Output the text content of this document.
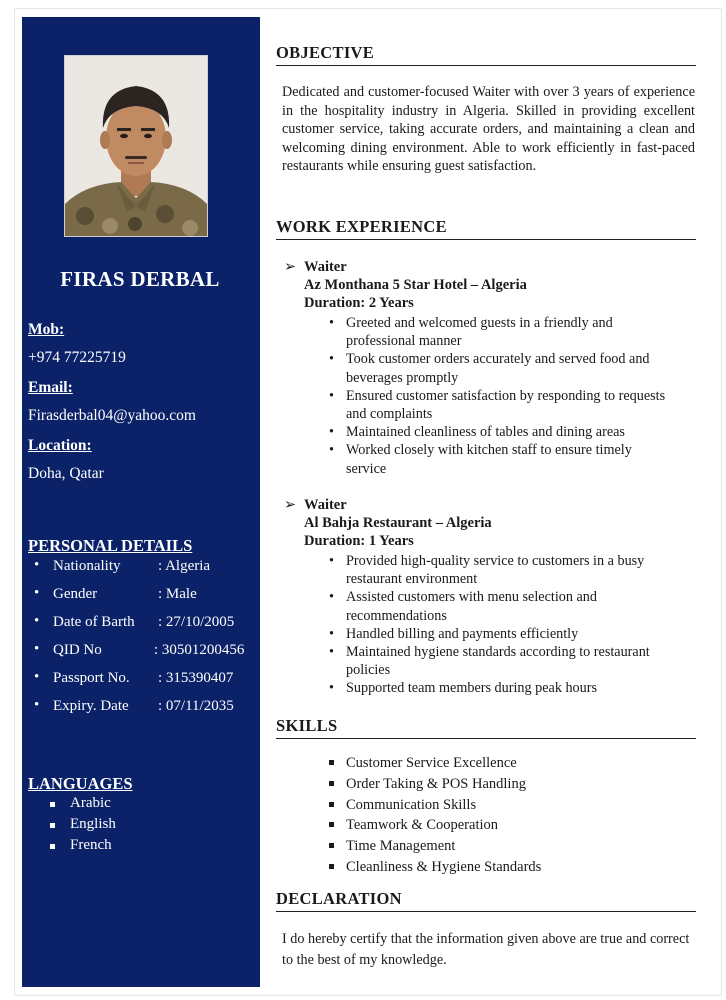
FIRAS DERBAL
Mob:
+974 77225719
Email:
Firasderbal04@yahoo.com
Location:
Doha, Qatar
PERSONAL DETAILS
• Nationality	: Algeria
• Gender	: Male
• Date of Barth : 27/10/2005
• QID No	: 30501200456
• Passport No. : 315390407
• Expiry. Date : 07/11/2035
LANGUAGES
Arabic
English
French
OBJECTIVE
Dedicated and customer-focused Waiter with over 3 years of experience in the hospitality industry in Algeria. Skilled in providing excellent customer service, taking accurate orders, and maintaining a clean and welcoming dining environment. Able to work efficiently in fast-paced restaurants while ensuring guest satisfaction.
WORK EXPERIENCE
➢ Waiter
Az Monthana 5 Star Hotel – Algeria
Duration: 2 Years
• Greeted and welcomed guests in a friendly and professional manner
• Took customer orders accurately and served food and beverages promptly
• Ensured customer satisfaction by responding to requests and complaints
• Maintained cleanliness of tables and dining areas
• Worked closely with kitchen staff to ensure timely service
➢ Waiter
Al Bahja Restaurant – Algeria
Duration: 1 Years
• Provided high-quality service to customers in a busy restaurant environment
• Assisted customers with menu selection and recommendations
• Handled billing and payments efficiently
• Maintained hygiene standards according to restaurant policies
• Supported team members during peak hours
SKILLS
Customer Service Excellence
Order Taking & POS Handling
Communication Skills
Teamwork & Cooperation
Time Management
Cleanliness & Hygiene Standards
DECLARATION
I do hereby certify that the information given above are true and correct to the best of my knowledge.
